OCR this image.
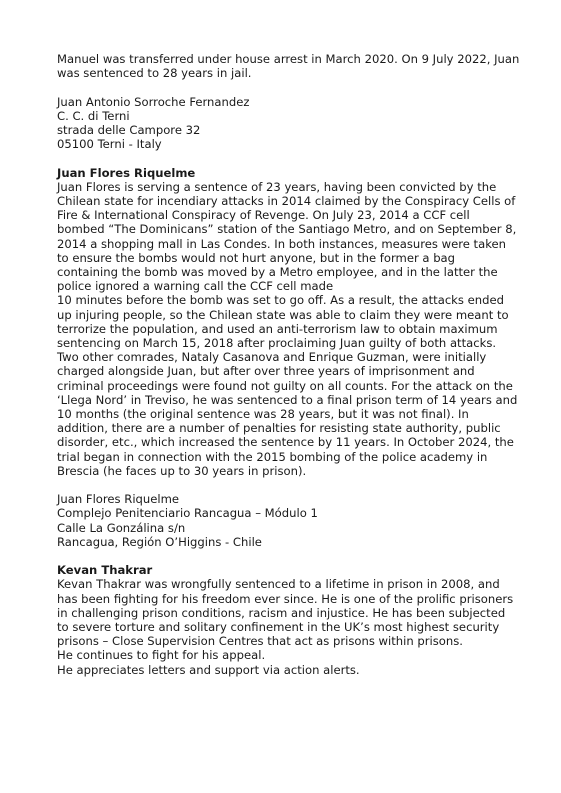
Manuel was transferred under house arrest in March 2020. On 9 July 2022, Juan
was sentenced to 28 years in jail.
Juan Antonio Sorroche Fernandez
C. C. di Terni
strada delle Campore 32
05100 Terni - Italy
Juan Flores Riquelme
Juan Flores is serving a sentence of 23 years, having been convicted by the
Chilean state for incendiary attacks in 2014 claimed by the Conspiracy Cells of
Fire & International Conspiracy of Revenge. On July 23, 2014 a CCF cell
bombed “The Dominicans” station of the Santiago Metro, and on September 8,
2014 a shopping mall in Las Condes. In both instances, measures were taken
to ensure the bombs would not hurt anyone, but in the former a bag
containing the bomb was moved by a Metro employee, and in the latter the
police ignored a warning call the CCF cell made
10 minutes before the bomb was set to go off. As a result, the attacks ended
up injuring people, so the Chilean state was able to claim they were meant to
terrorize the population, and used an anti-terrorism law to obtain maximum
sentencing on March 15, 2018 after proclaiming Juan guilty of both attacks.
Two other comrades, Nataly Casanova and Enrique Guzman, were initially
charged alongside Juan, but after over three years of imprisonment and
criminal proceedings were found not guilty on all counts. For the attack on the
‘Llega Nord’ in Treviso, he was sentenced to a final prison term of 14 years and
10 months (the original sentence was 28 years, but it was not final). In
addition, there are a number of penalties for resisting state authority, public
disorder, etc., which increased the sentence by 11 years. In October 2024, the
trial began in connection with the 2015 bombing of the police academy in
Brescia (he faces up to 30 years in prison).
Juan Flores Riquelme
Complejo Penitenciario Rancagua – Módulo 1
Calle La Gonzálina s/n
Rancagua, Región O’Higgins - Chile
Kevan Thakrar
Kevan Thakrar was wrongfully sentenced to a lifetime in prison in 2008, and
has been fighting for his freedom ever since. He is one of the prolific prisoners
in challenging prison conditions, racism and injustice. He has been subjected
to severe torture and solitary confinement in the UK’s most highest security
prisons – Close Supervision Centres that act as prisons within prisons.
He continues to fight for his appeal.
He appreciates letters and support via action alerts.
